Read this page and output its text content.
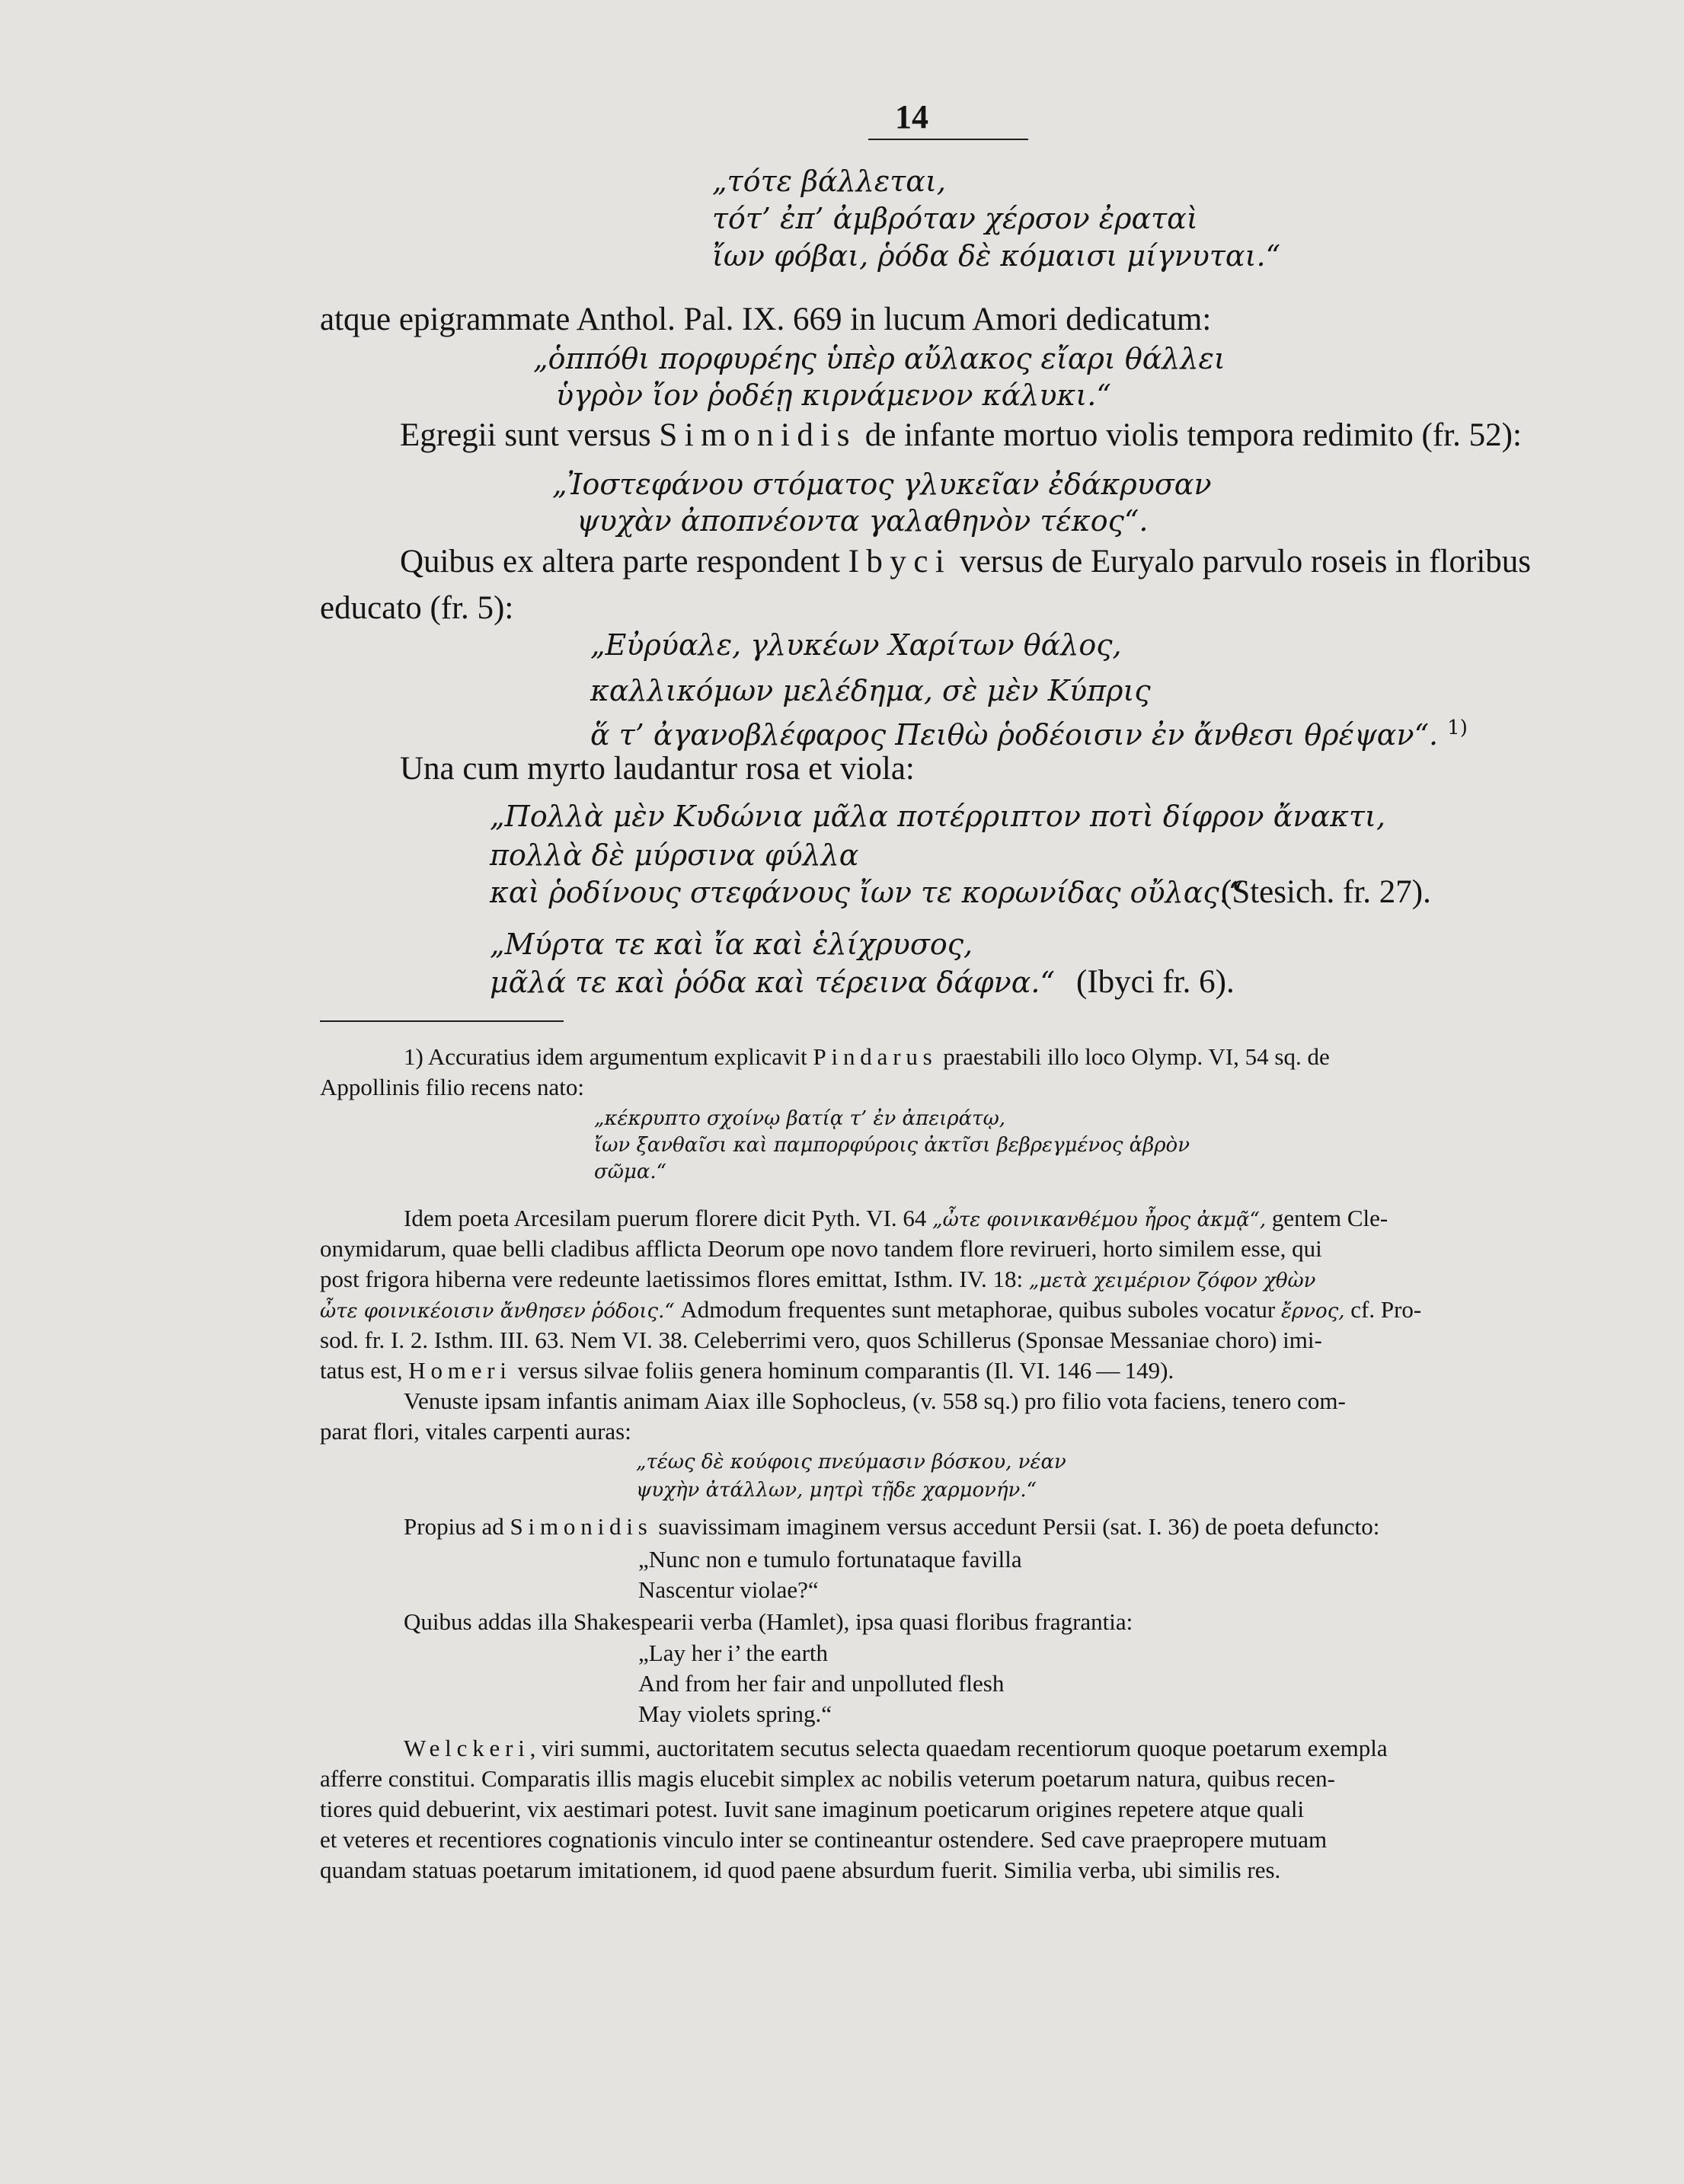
14
„τότε βάλλεται,
τότ’ ἐπ’ ἀμβρόταν χέρσον ἐραταὶ
ἴων φόβαι, ῥόδα δὲ κόμαισι μίγνυται.“
atque epigrammate Anthol. Pal. IX. 669 in lucum Amori dedicatum:
„ὁππόθι πορφυρέης ὑπὲρ αὔλακος εἴαρι θάλλει
ὑγρὸν ἴον ῥοδέῃ κιρνάμενον κάλυκι.“
Egregii sunt versus Simonidis de infante mortuo violis tempora redimito (fr. 52):
„Ἰοστεφάνου στόματος γλυκεῖαν ἐδάκρυσαν
ψυχὰν ἀποπνέοντα γαλαθηνὸν τέκος“.
Quibus ex altera parte respondent Ibyci versus de Euryalo parvulo roseis in floribus
educato (fr. 5):
„Εὐρύαλε, γλυκέων Χαρίτων θάλος,
καλλικόμων μελέδημα, σὲ μὲν Κύπρις
ἅ τ’ ἀγανοβλέφαρος Πειθὼ ῥοδέοισιν ἐν ἄνθεσι θρέψαν“. $^{1)}$
Una cum myrto laudantur rosa et viola:
„Πολλὰ μὲν Κυδώνια μᾶλα ποτέρριπτον ποτὶ δίφρον ἄνακτι,
πολλὰ δὲ μύρσινα φύλλα
καὶ ῥοδίνους στεφάνους ἴων τε κορωνίδας οὔλας.“
(Stesich. fr. 27).
„Μύρτα τε καὶ ἴα καὶ ἑλίχρυσος,
μᾶλά τε καὶ ῥόδα καὶ τέρεινα δάφνα.“ (Ibyci fr. 6).
1) Accuratius idem argumentum explicavit Pindarus praestabili illo loco Olymp. VI, 54 sq. de
Appollinis filio recens nato:
„κέκρυπτο σχοίνῳ βατίᾳ τ’ ἐν ἀπειράτῳ,
ἴων ξανθαῖσι καὶ παμπορφύροις ἀκτῖσι βεβρεγμένος ἁβρὸν
σῶμα.“
Idem poeta Arcesilam puerum florere dicit Pyth. VI. 64 „ὦτε φοινικανθέμου ἦρος ἀκμᾷ“, gentem Cle-
onymidarum, quae belli cladibus afflicta Deorum ope novo tandem flore revirueri, horto similem esse, qui
post frigora hiberna vere redeunte laetissimos flores emittat, Isthm. IV. 18: „μετὰ χειμέριον ζόφον χθὼν
ὦτε φοινικέοισιν ἄνθησεν ῥόδοις.“ Admodum frequentes sunt metaphorae, quibus suboles vocatur ἔρνος, cf. Pro-
sod. fr. I. 2. Isthm. III. 63. Nem VI. 38. Celeberrimi vero, quos Schillerus (Sponsae Messaniae choro) imi-
tatus est, Homeri versus silvae foliis genera hominum comparantis (Il. VI. 146 — 149).
Venuste ipsam infantis animam Aiax ille Sophocleus, (v. 558 sq.) pro filio vota faciens, tenero com-
parat flori, vitales carpenti auras:
„τέως δὲ κούφοις πνεύμασιν βόσκου, νέαν
ψυχὴν ἀτάλλων, μητρὶ τῇδε χαρμονήν.“
Propius ad Simonidis suavissimam imaginem versus accedunt Persii (sat. I. 36) de poeta defuncto:
„Nunc non e tumulo fortunataque favilla
Nascentur violae?“
Quibus addas illa Shakespearii verba (Hamlet), ipsa quasi floribus fragrantia:
„Lay her i’ the earth
And from her fair and unpolluted flesh
May violets spring.“
Welckeri, viri summi, auctoritatem secutus selecta quaedam recentiorum quoque poetarum exempla
afferre constitui. Comparatis illis magis elucebit simplex ac nobilis veterum poetarum natura, quibus recen-
tiores quid debuerint, vix aestimari potest. Iuvit sane imaginum poeticarum origines repetere atque quali
et veteres et recentiores cognationis vinculo inter se contineantur ostendere. Sed cave praepropere mutuam
quandam statuas poetarum imitationem, id quod paene absurdum fuerit. Similia verba, ubi similis res.
